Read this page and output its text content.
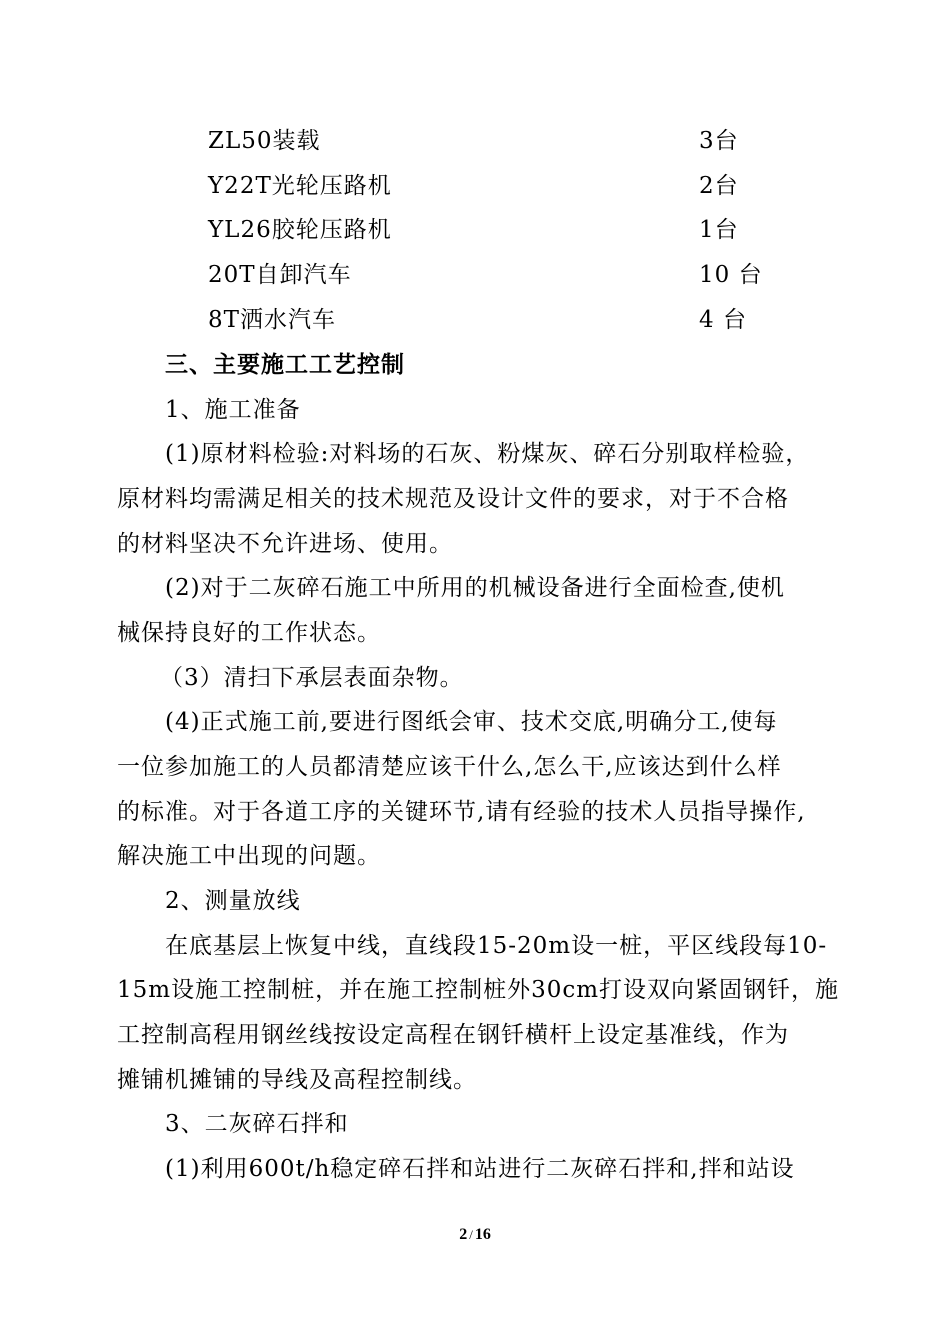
ZL50装载	3台
Y22T光轮压路机	2台
YL26胶轮压路机	1台
20T自卸汽车	10 台
8T洒水汽车	4 台
三、主要施工工艺控制
1、施工准备
(1)原材料检验:对料场的石灰、粉煤灰、碎石分别取样检验，
原材料均需满足相关的技术规范及设计文件的要求，对于不合格
的材料坚决不允许进场、使用。
(2)对于二灰碎石施工中所用的机械设备进行全面检查,使机
械保持良好的工作状态。
（3）清扫下承层表面杂物。
(4)正式施工前,要进行图纸会审、技术交底,明确分工,使每
一位参加施工的人员都清楚应该干什么,怎么干,应该达到什么样
的标准。对于各道工序的关键环节,请有经验的技术人员指导操作,
解决施工中出现的问题。
2、测量放线
在底基层上恢复中线，直线段15-20m设一桩，平区线段每10-
15m设施工控制桩，并在施工控制桩外30cm打设双向紧固钢钎，施
工控制高程用钢丝线按设定高程在钢钎横杆上设定基准线，作为
摊铺机摊铺的导线及高程控制线。
3、二灰碎石拌和
(1)利用600t/h稳定碎石拌和站进行二灰碎石拌和,拌和站设
2 / 16
